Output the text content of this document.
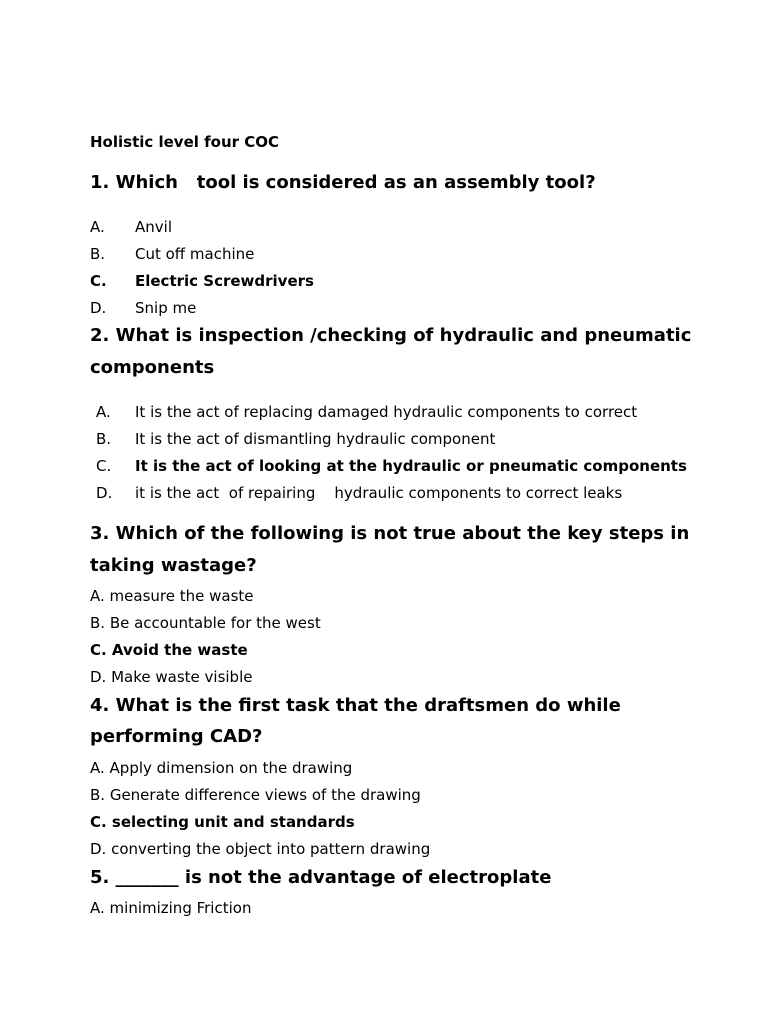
Holistic level four COC
1. Which   tool is considered as an assembly tool?

A.

Anvil

B.

Cut off machine

C.

Electric Screwdrivers

D.

Snip me

2. What is inspection /checking of hydraulic and pneumatic
components

A.

It is the act of replacing damaged hydraulic components to correct

B.

It is the act of dismantling hydraulic component

C.

It is the act of looking at the hydraulic or pneumatic components

D.

it is the act  of repairing    hydraulic components to correct leaks

3. Which of the following is not true about the key steps in
taking wastage?
A. measure the waste
B. Be accountable for the west
C. Avoid the waste
D. Make waste visible
4. What is the first task that the draftsmen do while
performing CAD?
A. Apply dimension on the drawing
B. Generate difference views of the drawing
C. selecting unit and standards
D. converting the object into pattern drawing
5. _______ is not the advantage of electroplate
A. minimizing Friction
